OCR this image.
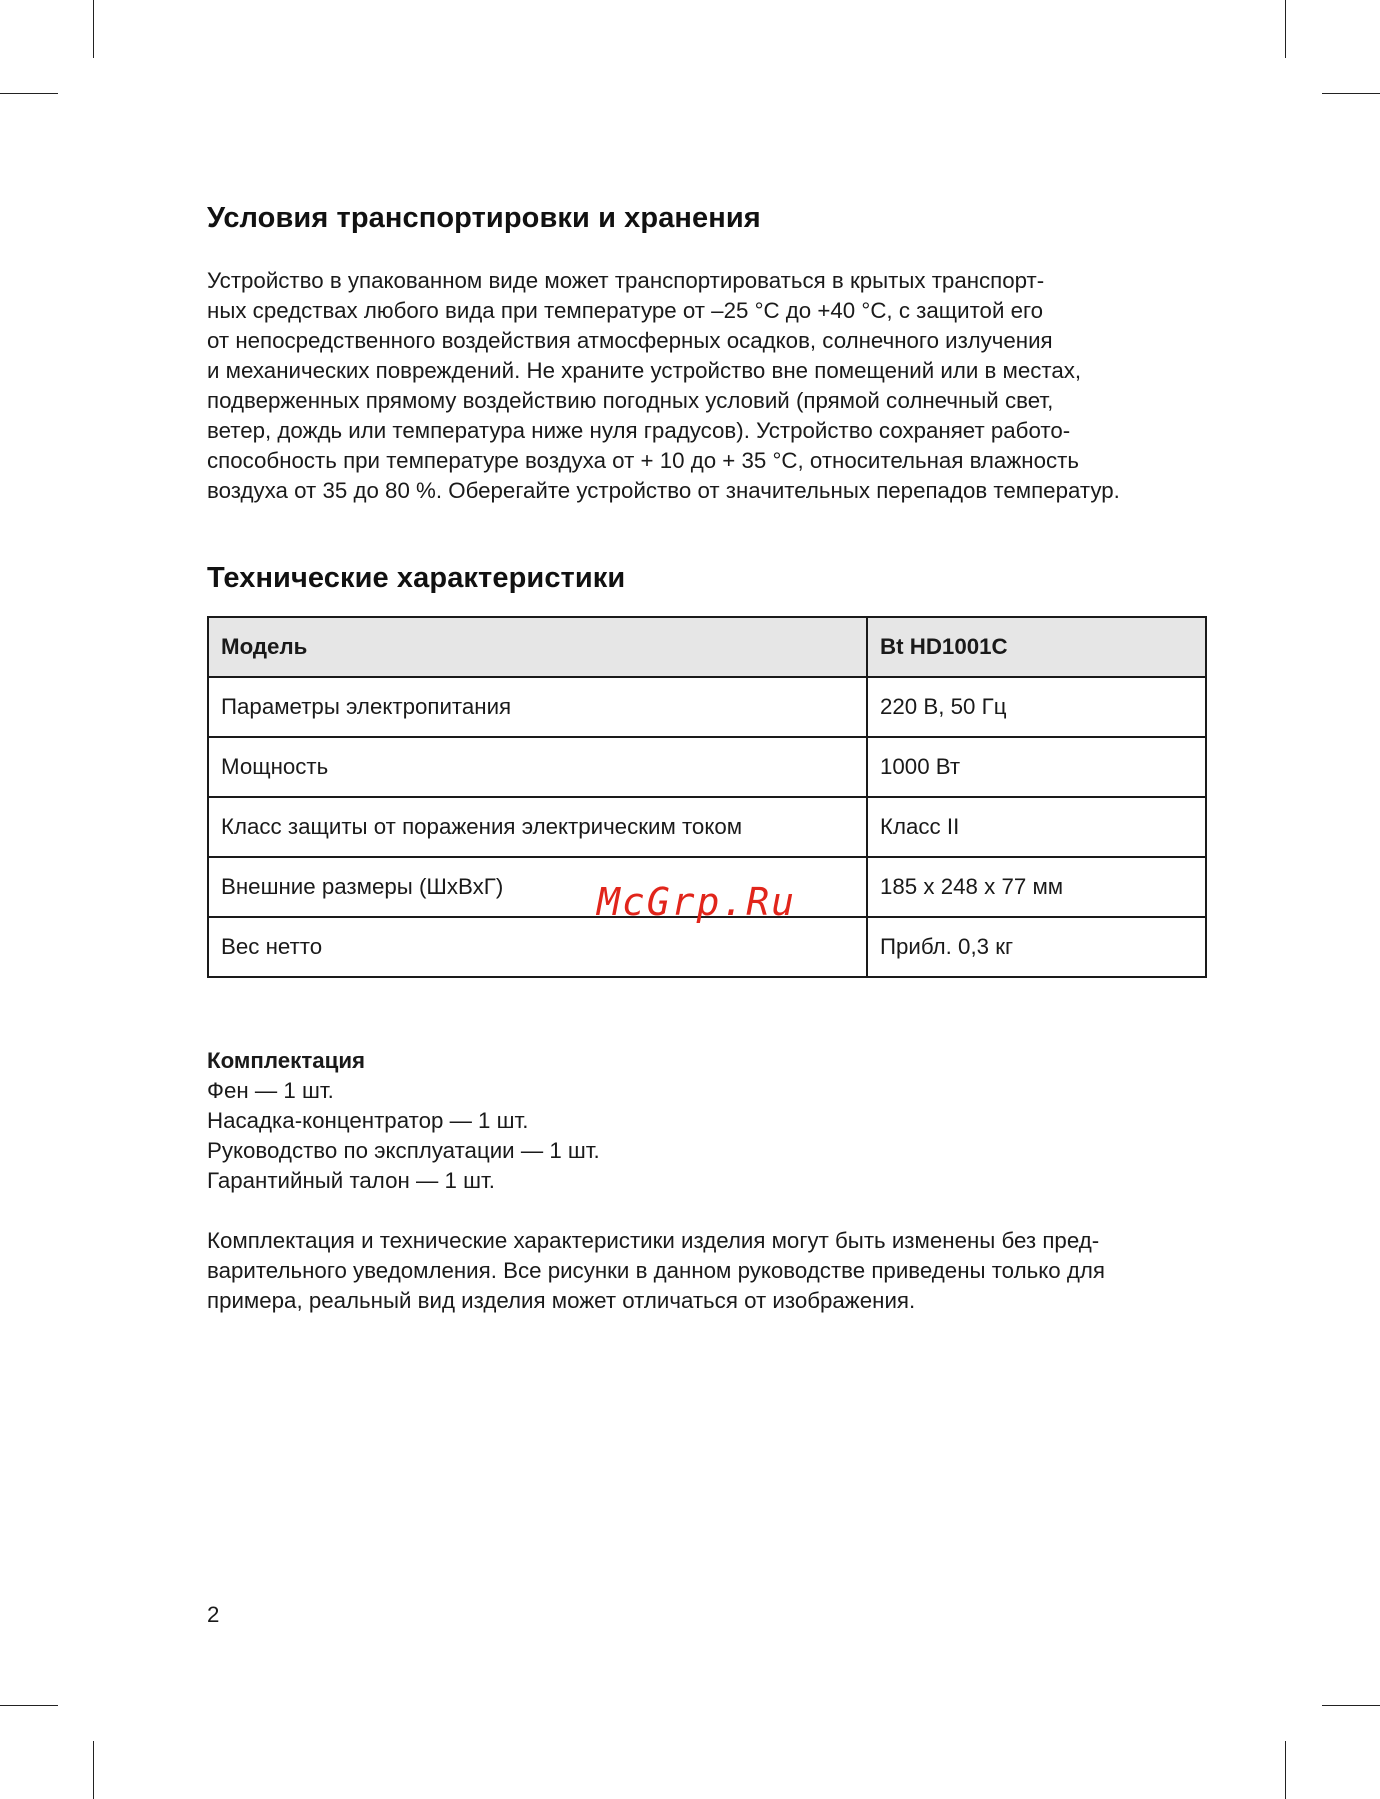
Условия транспортировки и хранения

Устройство в упакованном виде может транспортироваться в крытых транспорт-
ных средствах любого вида при температуре от –25 °C до +40 °C, с защитой его
от непосредственного воздействия атмосферных осадков, солнечного излучения
и механических повреждений. Не храните устройство вне помещений или в местах,
подверженных прямому воздействию погодных условий (прямой солнечный свет,
ветер, дождь или температура ниже нуля градусов). Устройство сохраняет работо-
способность при температуре воздуха от + 10 до + 35 °C, относительная влажность
воздуха от 35 до 80 %. Оберегайте устройство от значительных перепадов температур.

Технические характеристики
Модель	Bt HD1001C
Параметры электропитания	220 В, 50 Гц
Мощность	1000 Вт
Класс защиты от поражения электрическим током	Класс II
Внешние размеры (ШхВхГ)	185 x 248 x 77 мм
Вес нетто	Прибл. 0,3 кг
McGrp.Ru
Комплектация
Фен — 1 шт.
Насадка-концентратор — 1 шт.
Руководство по эксплуатации — 1 шт.
Гарантийный талон — 1 шт.

Комплектация и технические характеристики изделия могут быть изменены без пред-
варительного уведомления. Все рисунки в данном руководстве приведены только для
примера, реальный вид изделия может отличаться от изображения.

2
